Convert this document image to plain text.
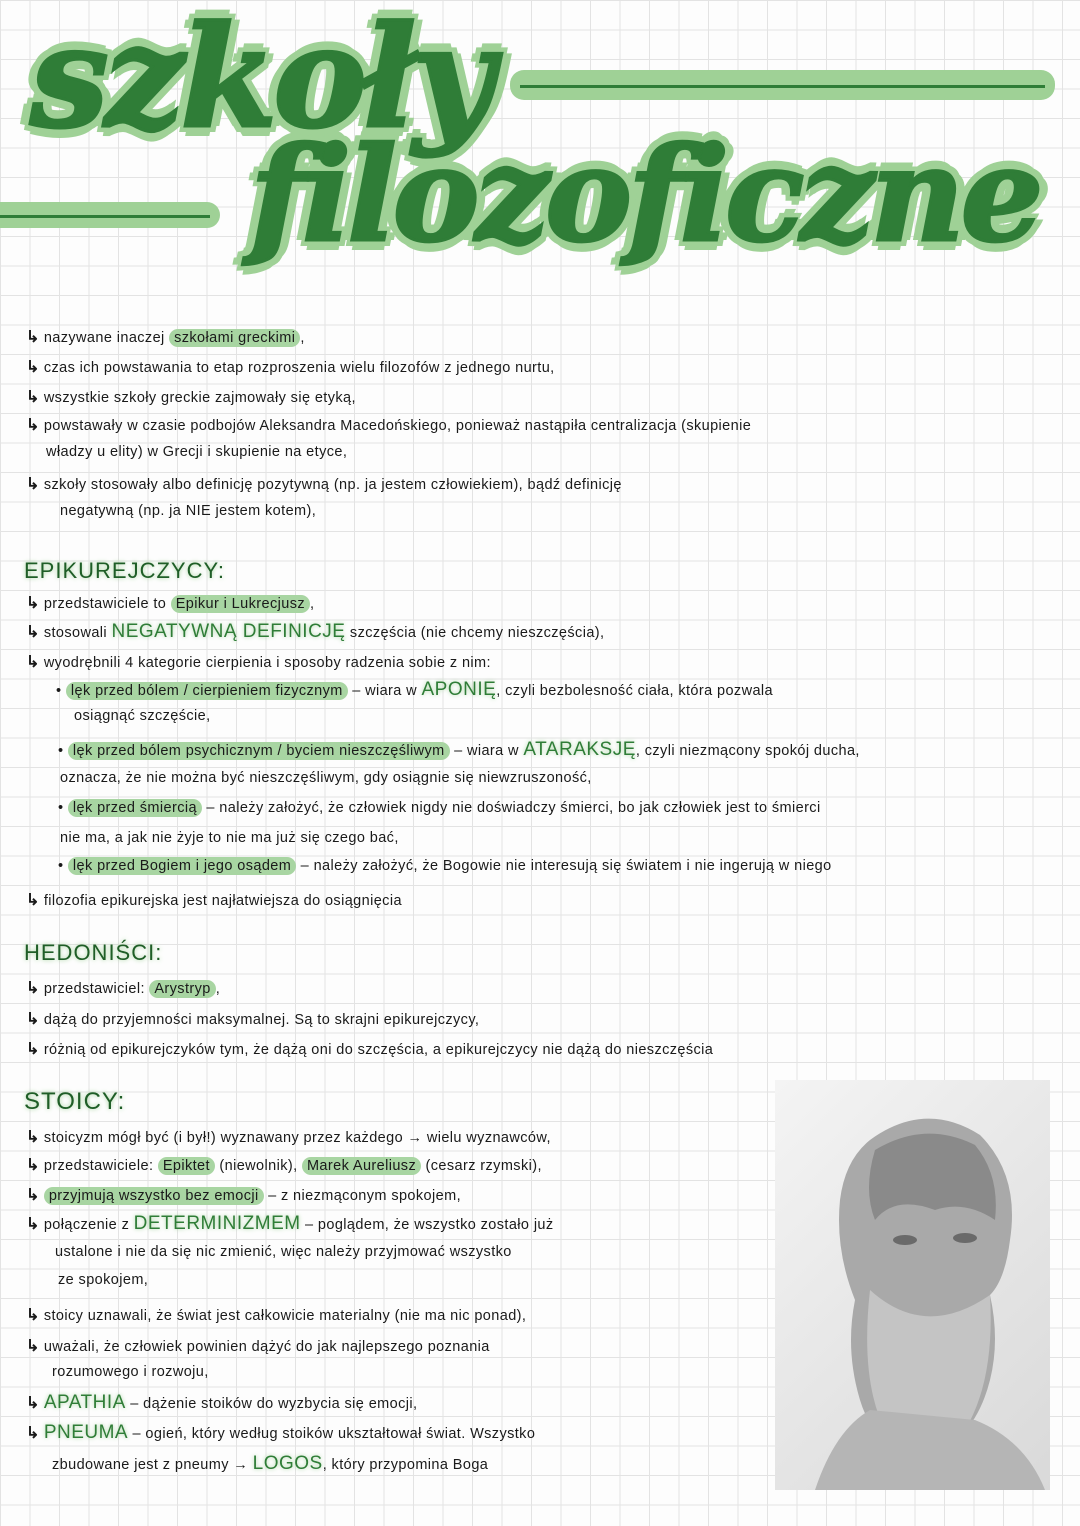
szkoły
filozoficzne
EPIKUREJCZYCY:
HEDONIŚCI:
STOICY:
↳ nazywane inaczej szkołami greckimi ,
↳ czas ich powstawania to etap rozproszenia wielu filozofów z jednego nurtu,
↳ wszystkie szkoły greckie zajmowały się etyką,
↳ powstawały w czasie podbojów Aleksandra Macedońskiego, ponieważ nastąpiła centralizacja (skupienie
władzy u elity) w Grecji i skupienie na etyce,
↳ szkoły stosowały albo definicję pozytywną (np. ja jestem człowiekiem), bądź definicję
negatywną (np. ja NIE jestem kotem),
↳ przedstawiciele to Epikur i Lukrecjusz ,
↳ stosowali NEGATYWNĄ DEFINICJĘ szczęścia (nie chcemy nieszczęścia),
↳ wyodrębnili 4 kategorie cierpienia i sposoby radzenia sobie z nim:
• lęk przed bólem / cierpieniem fizycznym – wiara w APONIĘ, czyli bezbolesność ciała, która pozwala
osiągnąć szczęście,
• lęk przed bólem psychicznym / byciem nieszczęśliwym – wiara w ATARAKSJĘ, czyli niezmącony spokój ducha,
oznacza, że nie można być nieszczęśliwym, gdy osiągnie się niewzruszoność,
• lęk przed śmiercią – należy założyć, że człowiek nigdy nie doświadczy śmierci, bo jak człowiek jest to śmierci
nie ma, a jak nie żyje to nie ma już się czego bać,
• lęk przed Bogiem i jego osądem – należy założyć, że Bogowie nie interesują się światem i nie ingerują w niego
↳ filozofia epikurejska jest najłatwiejsza do osiągnięcia
↳ przedstawiciel: Arystryp ,
↳ dążą do przyjemności maksymalnej. Są to skrajni epikurejczycy,
↳ różnią od epikurejczyków tym, że dążą oni do szczęścia, a epikurejczycy nie dążą do nieszczęścia
↳ stoicyzm mógł być (i był!) wyznawany przez każdego → wielu wyznawców,
↳ przedstawiciele: Epiktet (niewolnik), Marek Aureliusz (cesarz rzymski),
↳ przyjmują wszystko bez emocji – z niezmąconym spokojem,
↳ połączenie z DETERMINIZMEM – poglądem, że wszystko zostało już
ustalone i nie da się nic zmienić, więc należy przyjmować wszystko
ze spokojem,
↳ stoicy uznawali, że świat jest całkowicie materialny (nie ma nic ponad),
↳ uważali, że człowiek powinien dążyć do jak najlepszego poznania
rozumowego i rozwoju,
↳ APATHIA – dążenie stoików do wyzbycia się emocji,
↳ PNEUMA – ogień, który według stoików ukształtował świat. Wszystko
zbudowane jest z pneumy → LOGOS, który przypomina Boga
